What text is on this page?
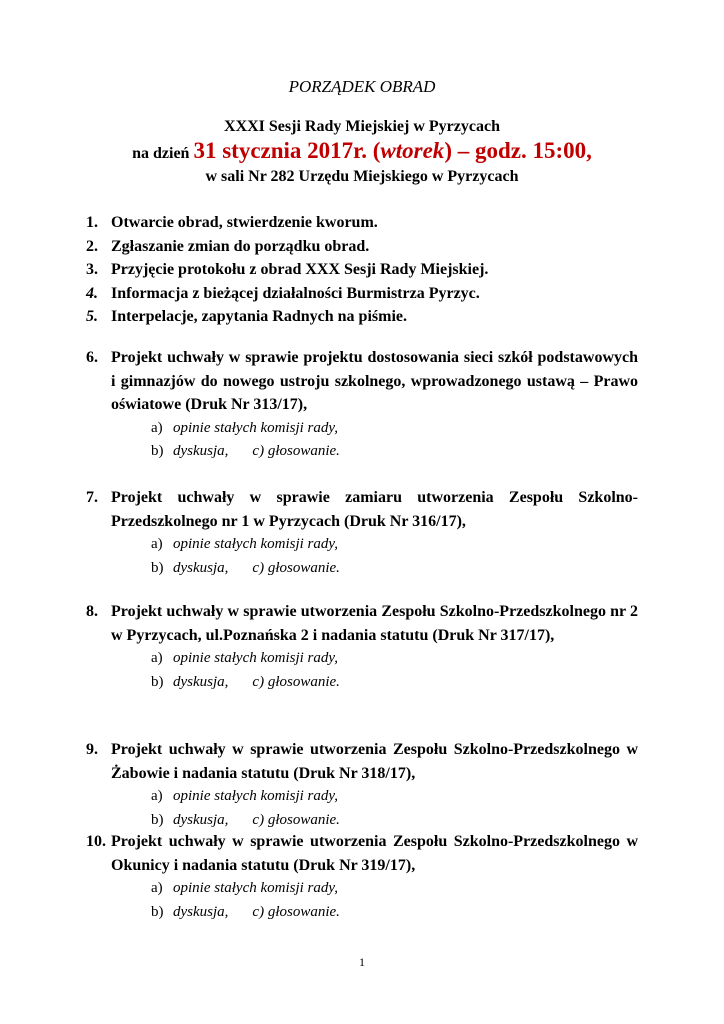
PORZĄDEK OBRAD
XXXI Sesji Rady Miejskiej w Pyrzycach
na dzień 31 stycznia 2017r. (wtorek) – godz. 15:00,
w sali Nr 282 Urzędu Miejskiego w Pyrzycach

1. Otwarcie obrad, stwierdzenie kworum.

2. Zgłaszanie zmian do porządku obrad.

3. Przyjęcie protokołu z obrad XXX Sesji Rady Miejskiej.

4. Informacja z bieżącej działalności Burmistrza Pyrzyc.

5. Interpelacje, zapytania Radnych na piśmie.

6. Projekt uchwały w sprawie projektu dostosowania sieci szkół podstawowych i gimnazjów do nowego ustroju szkolnego, wprowadzonego ustawą – Prawo oświatowe (Druk Nr 313/17),

a) opinie stałych komisji rady,
b) dyskusja, c) głosowanie.

7. Projekt uchwały w sprawie zamiaru utworzenia Zespołu Szkolno-Przedszkolnego nr 1 w Pyrzycach (Druk Nr 316/17),

a) opinie stałych komisji rady,
b) dyskusja, c) głosowanie.

8. Projekt uchwały w sprawie utworzenia Zespołu Szkolno-Przedszkolnego nr 2 w Pyrzycach, ul.Poznańska 2 i nadania statutu (Druk Nr 317/17),

a) opinie stałych komisji rady,
b) dyskusja, c) głosowanie.

9. Projekt uchwały w sprawie utworzenia Zespołu Szkolno-Przedszkolnego w Żabowie i nadania statutu (Druk Nr 318/17),

a) opinie stałych komisji rady,
b) dyskusja, c) głosowanie.

10. Projekt uchwały w sprawie utworzenia Zespołu Szkolno-Przedszkolnego w Okunicy i nadania statutu (Druk Nr 319/17),

a) opinie stałych komisji rady,
b) dyskusja, c) głosowanie.
1
